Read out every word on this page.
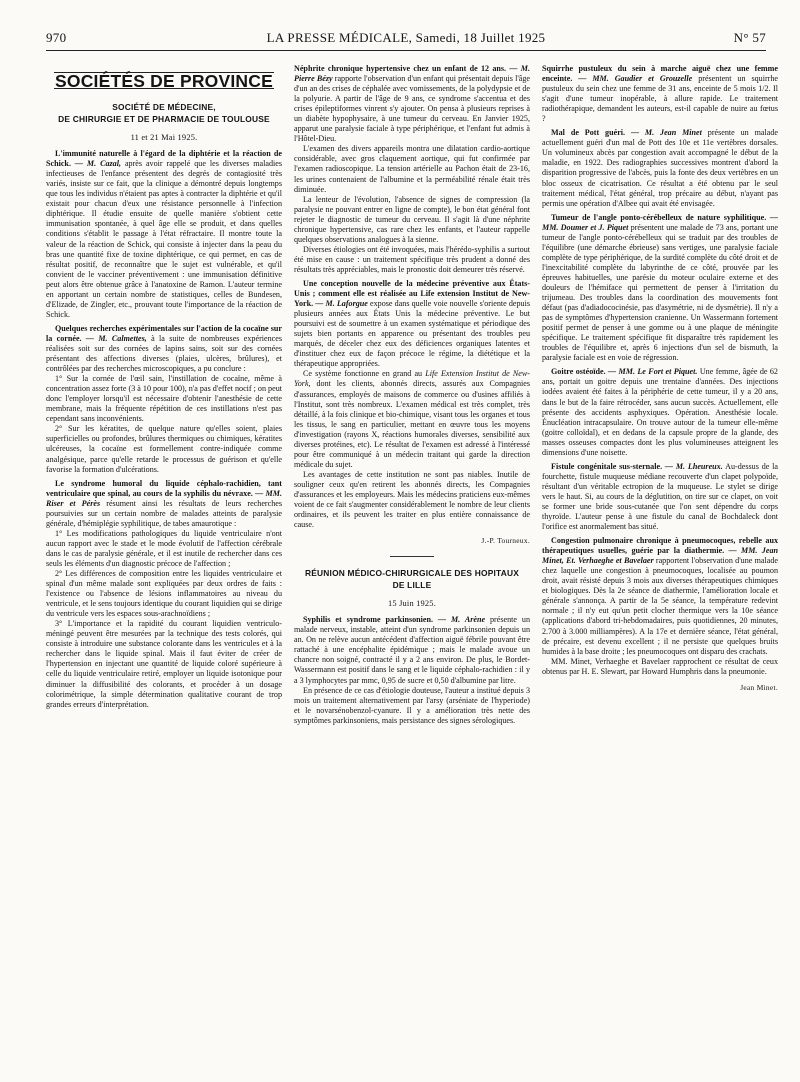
970	LA PRESSE MÉDICALE, Samedi, 18 Juillet 1925	N° 57
SOCIÉTÉS DE PROVINCE
SOCIÉTÉ DE MÉDECINE,
DE CHIRURGIE ET DE PHARMACIE DE TOULOUSE
11 et 21 Mai 1925.

L'immunité naturelle à l'égard de la diphtérie et la réaction de Schick. — M. Cazal, après avoir rappelé que les diverses maladies infectieuses de l'enfance présentent des degrés de contagiosité très variés, insiste sur ce fait, que la clinique a démontré depuis longtemps que tous les individus n'étaient pas aptes à contracter la diphtérie et qu'il existait pour chacun d'eux une résistance personnelle à l'infection diphtérique. Il étudie ensuite de quelle manière s'obtient cette immunisation spontanée, à quel âge elle se produit, et dans quelles conditions s'établit le passage à l'état réfractaire. Il montre toute la valeur de la réaction de Schick, qui consiste à injecter dans la peau du bras une quantité fixe de toxine diphtérique, ce qui permet, en cas de résultat positif, de reconnaître que le sujet est vulnérable, et qu'il convient de le vacciner préventivement : une immunisation définitive peut alors être obtenue grâce à l'anatoxine de Ramon. L'auteur termine en apportant un certain nombre de statistiques, celles de Bundesen, d'Elizade, de Zingler, etc., prouvant toute l'importance de la réaction de Schick.

Quelques recherches expérimentales sur l'action de la cocaïne sur la cornée. — M. Calmettes, à la suite de nombreuses expériences réalisées soit sur des cornées de lapins sains, soit sur des cornées présentant des affections diverses (plaies, ulcères, brûlures), et contrôlées par des recherches microscopiques, a pu conclure :

1° Sur la cornée de l'œil sain, l'instillation de cocaïne, même à concentration assez forte (3 à 10 pour 100), n'a pas d'effet nocif ; on peut donc l'employer lorsqu'il est nécessaire d'obtenir l'anesthésie de cette membrane, mais la fréquente répétition de ces instillations n'est pas cependant sans inconvénients.

2° Sur les kératites, de quelque nature qu'elles soient, plaies superficielles ou profondes, brûlures thermiques ou chimiques, kératites ulcéreuses, la cocaïne est formellement contre-indiquée comme analgésique, parce qu'elle retarde le processus de guérison et qu'elle favorise la formation d'ulcérations.

Le syndrome humoral du liquide céphalo-rachidien, tant ventriculaire que spinal, au cours de la syphilis du névraxe. — MM. Riser et Pérès résument ainsi les résultats de leurs recherches poursuivies sur un certain nombre de malades atteints de paralysie générale, d'hémiplégie syphilitique, de tabes amaurotique :

1° Les modifications pathologiques du liquide ventriculaire n'ont aucun rapport avec le stade et le mode évolutif de l'affection cérébrale dans le cas de paralysie générale, et il est inutile de rechercher dans ces seuls les éléments d'un diagnostic précoce de l'affection ;

2° Les différences de composition entre les liquides ventriculaire et spinal d'un même malade sont expliquées par deux ordres de faits : l'existence ou l'absence de lésions inflammatoires au niveau du ventricule, et le sens toujours identique du courant liquidien qui se dirige du ventricule vers les espaces sous-arachnoïdiens ;

3° L'importance et la rapidité du courant liquidien ventriculo-méningé peuvent être mesurées par la technique des tests colorés, qui consiste à introduire une substance colorante dans les ventricules et à la rechercher dans le liquide spinal. Mais il faut éviter de créer de l'hypertension en injectant une quantité de liquide coloré supérieure à celle du liquide ventriculaire retiré, employer un liquide isotonique pour diminuer la diffusibilité des colorants, et procéder à un dosage colorimétrique, la simple détermination qualitative courant de trop grandes erreurs d'interprétation.

Néphrite chronique hypertensive chez un enfant de 12 ans. — M. Pierre Bézy rapporte l'observation d'un enfant qui présentait depuis l'âge d'un an des crises de céphalée avec vomissements, de la polydypsie et de la polyurie. A partir de l'âge de 9 ans, ce syndrome s'accentua et des crises épileptiformes vinrent s'y ajouter. On pensa à plusieurs reprises à un diabète hypophysaire, à une tumeur du cerveau. En Janvier 1925, apparut une paralysie faciale à type périphérique, et l'enfant fut admis à l'Hôtel-Dieu.

L'examen des divers appareils montra une dilatation cardio-aortique considérable, avec gros claquement aortique, qui fut confirmée par l'examen radioscopique. La tension artérielle au Pachon était de 23-16, les urines contenaient de l'albumine et la perméabilité rénale était très diminuée.

La lenteur de l'évolution, l'absence de signes de compression (la paralysie ne pouvant entrer en ligne de compte), le bon état général font rejeter le diagnostic de tumeur du cerveau. Il s'agit là d'une néphrite chronique hypertensive, cas rare chez les enfants, et l'auteur rappelle quelques observations analogues à la sienne.

Diverses étiologies ont été invoquées, mais l'hérédo-syphilis a surtout été mise en cause : un traitement spécifique très prudent a donné des résultats très appréciables, mais le pronostic doit demeurer très réservé.

Une conception nouvelle de la médecine préventive aux États-Unis ; comment elle est réalisée au Life extension Institut de New-York. — M. Laforgue expose dans quelle voie nouvelle s'oriente depuis plusieurs années aux États Unis la médecine préventive. Le but poursuivi est de soumettre à un examen systématique et périodique des sujets bien portants en apparence ou présentant des troubles peu marqués, de déceler chez eux des déficiences organiques latentes et d'instituer chez eux de façon précoce le régime, la diététique et la thérapeutique appropriées.

Ce système fonctionne en grand au Life Extension Institut de New-York, dont les clients, abonnés directs, assurés aux Compagnies d'assurances, employés de maisons de commerce ou d'usines affiliés à l'Institut, sont très nombreux. L'examen médical est très complet, très détaillé, à la fois clinique et bio-chimique, visant tous les organes et tous les tissus, le sang en particulier, mettant en œuvre tous les moyens d'investigation (rayons X, réactions humorales diverses, sensibilité aux diverses protéines, etc). Le résultat de l'examen est adressé à l'intéressé pour être communiqué à un médecin traitant qui garde la direction médicale du sujet.

Les avantages de cette institution ne sont pas niables. Inutile de souligner ceux qu'en retirent les abonnés directs, les Compagnies d'assurances et les employeurs. Mais les médecins praticiens eux-mêmes voient de ce fait s'augmenter considérablement le nombre de leur clients ordinaires, et ils peuvent les traiter en plus entière connaissance de cause.

J.-P. Tourneux.
RÉUNION MÉDICO-CHIRURGICALE DES HOPITAUX
DE LILLE
15 Juin 1925.

Syphilis et syndrome parkinsonien. — M. Arène présente un malade nerveux, instable, atteint d'un syndrome parkinsonien depuis un an. On ne relève aucun antécédent d'affection aiguë fébrile pouvant être rattaché à une encéphalite épidémique ; mais le malade avoue un chancre non soigné, contracté il y a 2 ans environ. De plus, le Bordet-Wassermann est positif dans le sang et le liquide céphalo-rachidien : il y a 3 lymphocytes par mmc, 0,95 de sucre et 0,50 d'albumine par litre.

En présence de ce cas d'étiologie douteuse, l'auteur a institué depuis 3 mois un traitement alternativement par l'arsy (arséniate de l'hyperiode) et le novarsénobenzol-cyanure. Il y a amélioration très nette des symptômes parkinsoniens, mais persistance des signes sérologiques.

Squirrhe pustuleux du sein à marche aiguë chez une femme enceinte. — MM. Gaudier et Grouzelle présentent un squirrhe pustuleux du sein chez une femme de 31 ans, enceinte de 5 mois 1/2. Il s'agit d'une tumeur inopérable, à allure rapide. Le traitement radiothérapique, demandent les auteurs, est-il capable de nuire au fœtus ?

Mal de Pott guéri. — M. Jean Minet présente un malade actuellement guéri d'un mal de Pott des 10e et 11e vertèbres dorsales. Un volumineux abcès par congestion avait accompagné le début de la maladie, en 1922. Des radiographies successives montrent d'abord la disparition progressive de l'abcès, puis la fonte des deux vertèbres en un bloc osseux de cicatrisation. Ce résultat a été obtenu par le seul traitement médical, l'état général, trop précaire au début, n'ayant pas permis une opération d'Albee qui avait été envisagée.

Tumeur de l'angle ponto-cérébelleux de nature syphilitique. — MM. Doumer et J. Piquet présentent une malade de 73 ans, portant une tumeur de l'angle ponto-cérébelleux qui se traduit par des troubles de l'équilibre (une démarche ébrieuse) sans vertiges, une paralysie faciale complète de type périphérique, de la surdité complète du côté droit et de l'inexcitabilité complète du labyrinthe de ce côté, prouvée par les épreuves habituelles, une parésie du moteur oculaire externe et des douleurs de l'hémiface qui permettent de penser à l'irritation du trijumeau. Des troubles dans la coordination des mouvements font défaut (pas d'adiadococinésie, pas d'asymétrie, ni de dysmétrie). Il n'y a pas de symptômes d'hypertension cranienne. Un Wassermann fortement positif permet de penser à une gomme ou à une plaque de méningite spécifique. Le traitement spécifique fit disparaître très rapidement les troubles de l'équilibre et, après 6 injections d'un sel de bismuth, la paralysie faciale est en voie de régression.

Goitre ostéoïde. — MM. Le Fort et Piquet. Une femme, âgée de 62 ans, portait un goitre depuis une trentaine d'années. Des injections iodées avaient été faites à la périphérie de cette tumeur, il y a 20 ans, dans le but de la faire rétrocéder, sans aucun succès. Actuellement, elle présente des accidents asphyxiques. Opération. Anesthésie locale. Énucléation intracapsulaire. On trouve autour de la tumeur elle-même (goitre colloïdal), et en dedans de la capsule propre de la glande, des masses osseuses compactes dont les plus volumineuses atteignent les dimensions d'une noisette.

Fistule congénitale sus-sternale. — M. Lheureux. Au-dessus de la fourchette, fistule muqueuse médiane recouverte d'un clapet polypoïde, résultant d'un véritable ectropion de la muqueuse. Le stylet se dirige vers le haut. Si, au cours de la déglutition, on tire sur ce clapet, on voit se former une bride sous-cutanée que l'on sent dépendre du corps thyroïde. L'auteur pense à une fistule du canal de Bochdaleck dont l'orifice est anormalement bas situé.

Congestion pulmonaire chronique à pneumocoques, rebelle aux thérapeutiques usuelles, guérie par la diathermie. — MM. Jean Minet, Et. Verhaeghe et Bavelaer rapportent l'observation d'une malade chez laquelle une congestion à pneumocoques, localisée au poumon droit, avait résisté depuis 3 mois aux diverses thérapeutiques chimiques et biologiques. Dès la 2e séance de diathermie, l'amélioration locale et générale s'annonça. A partir de la 5e séance, la température redevint normale ; il n'y eut qu'un petit clocher thermique vers la 10e séance (applications d'abord tri-hebdomadaires, puis quotidiennes, 20 minutes, 2.700 à 3.000 milliampères). A la 17e et dernière séance, l'état général, de précaire, est devenu excellent ; il ne persiste que quelques bruits humides à la base droite ; les pneumocoques ont disparu des crachats.

MM. Minet, Verhaeghe et Bavelaer rapprochent ce résultat de ceux obtenus par H. E. Slewart, par Howard Humphris dans la pneumonie.

Jean Minet.
